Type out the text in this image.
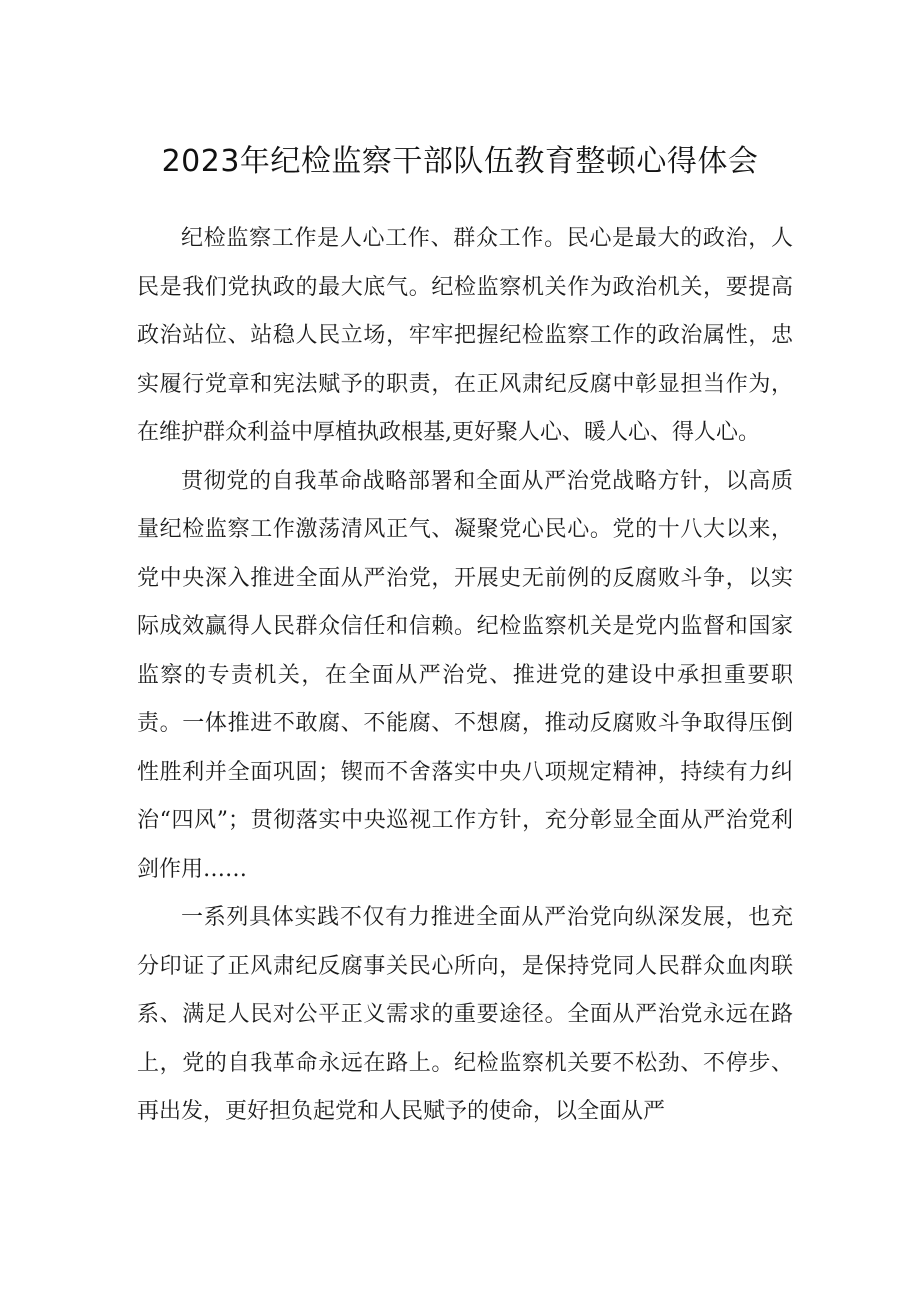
2023年纪检监察干部队伍教育整顿心得体会

纪检监察工作是人心工作、群众工作。民心是最大的政治，人民是我们党执政的最大底气。纪检监察机关作为政治机关，要提高政治站位、站稳人民立场，牢牢把握纪检监察工作的政治属性，忠实履行党章和宪法赋予的职责，在正风肃纪反腐中彰显担当作为，在维护群众利益中厚植执政根基,更好聚人心、暖人心、得人心。

贯彻党的自我革命战略部署和全面从严治党战略方针，以高质量纪检监察工作激荡清风正气、凝聚党心民心。党的十八大以来，党中央深入推进全面从严治党，开展史无前例的反腐败斗争，以实际成效赢得人民群众信任和信赖。纪检监察机关是党内监督和国家监察的专责机关，在全面从严治党、推进党的建设中承担重要职责。一体推进不敢腐、不能腐、不想腐，推动反腐败斗争取得压倒性胜利并全面巩固；锲而不舍落实中央八项规定精神，持续有力纠治“四风”；贯彻落实中央巡视工作方针，充分彰显全面从严治党利剑作用……

一系列具体实践不仅有力推进全面从严治党向纵深发展，也充分印证了正风肃纪反腐事关民心所向，是保持党同人民群众血肉联系、满足人民对公平正义需求的重要途径。全面从严治党永远在路上，党的自我革命永远在路上。纪检监察机关要不松劲、不停步、再出发，更好担负起党和人民赋予的使命，以全面从严
